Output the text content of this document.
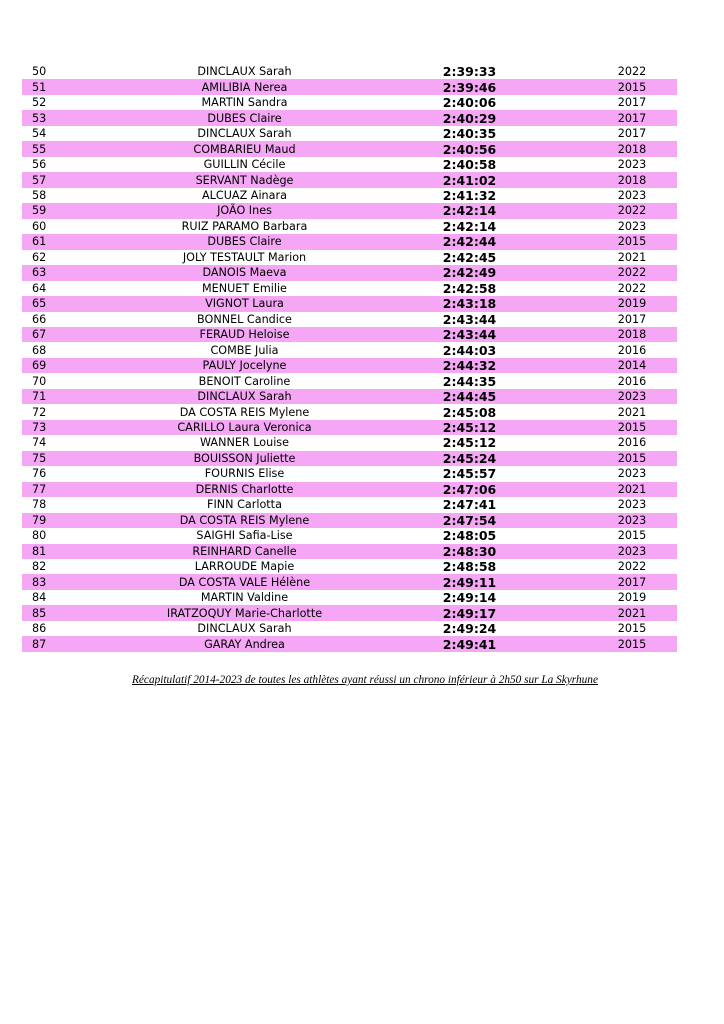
50	DINCLAUX Sarah	2:39:33	2022
51	AMILIBIA Nerea	2:39:46	2015
52	MARTIN Sandra	2:40:06	2017
53	DUBES Claire	2:40:29	2017
54	DINCLAUX Sarah	2:40:35	2017
55	COMBARIEU Maud	2:40:56	2018
56	GUILLIN Cécile	2:40:58	2023
57	SERVANT Nadège	2:41:02	2018
58	ALCUAZ Ainara	2:41:32	2023
59	JOÃO Ines	2:42:14	2022
60	RUIZ PARAMO Barbara	2:42:14	2023
61	DUBES Claire	2:42:44	2015
62	JOLY TESTAULT Marion	2:42:45	2021
63	DANOIS Maeva	2:42:49	2022
64	MENUET Emilie	2:42:58	2022
65	VIGNOT Laura	2:43:18	2019
66	BONNEL Candice	2:43:44	2017
67	FERAUD Heloise	2:43:44	2018
68	COMBE Julia	2:44:03	2016
69	PAULY Jocelyne	2:44:32	2014
70	BENOIT Caroline	2:44:35	2016
71	DINCLAUX Sarah	2:44:45	2023
72	DA COSTA REIS Mylene	2:45:08	2021
73	CARILLO Laura Veronica	2:45:12	2015
74	WANNER Louise	2:45:12	2016
75	BOUISSON Juliette	2:45:24	2015
76	FOURNIS Elise	2:45:57	2023
77	DERNIS Charlotte	2:47:06	2021
78	FINN Carlotta	2:47:41	2023
79	DA COSTA REIS Mylene	2:47:54	2023
80	SAIGHI Safia-Lise	2:48:05	2015
81	REINHARD Canelle	2:48:30	2023
82	LARROUDE Mapie	2:48:58	2022
83	DA COSTA VALE Hélène	2:49:11	2017
84	MARTIN Valdine	2:49:14	2019
85	IRATZOQUY Marie-Charlotte	2:49:17	2021
86	DINCLAUX Sarah	2:49:24	2015
87	GARAY Andrea	2:49:41	2015
Récapitulatif 2014-2023 de toutes les athlètes ayant réussi un chrono inférieur à 2h50 sur La Skyrhune
